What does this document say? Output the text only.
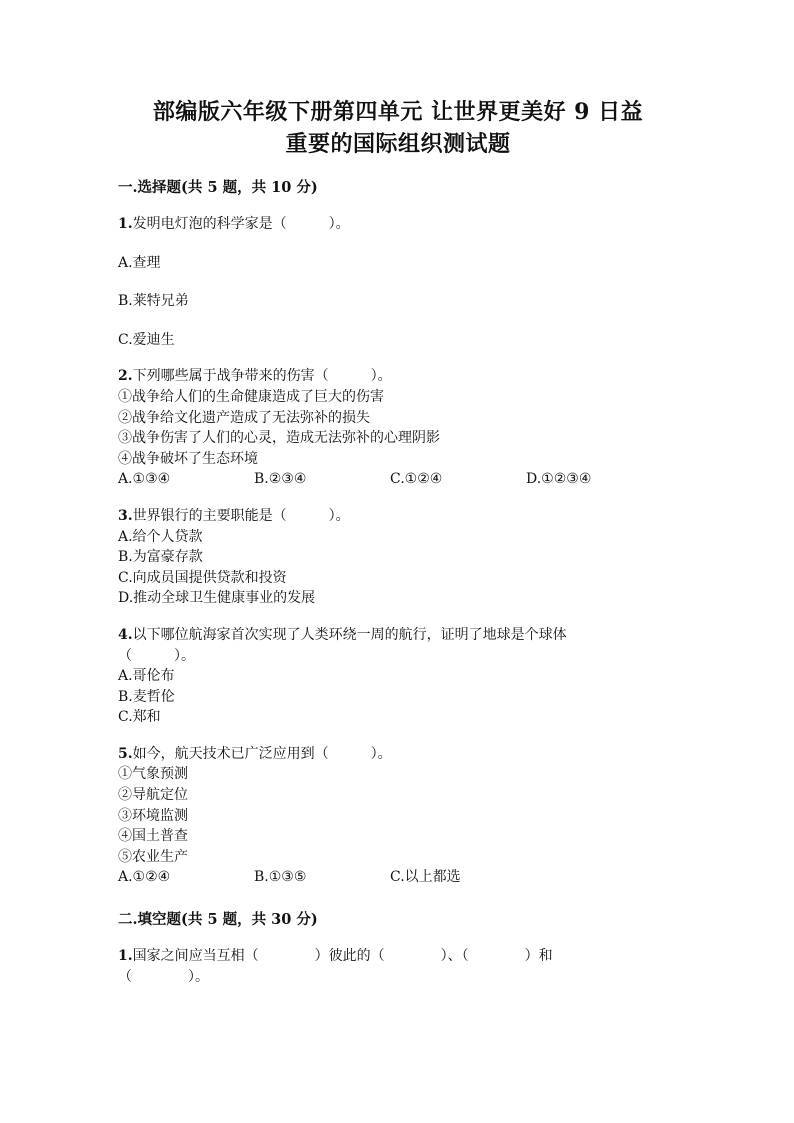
部编版六年级下册第四单元 让世界更美好 9 日益
重要的国际组织测试题
一.选择题(共 5 题，共 10 分)
1.发明电灯泡的科学家是（　　　）。
A.查理
B.莱特兄弟
C.爱迪生
2.下列哪些属于战争带来的伤害（　　　）。
①战争给人们的生命健康造成了巨大的伤害
②战争给文化遗产造成了无法弥补的损失
③战争伤害了人们的心灵，造成无法弥补的心理阴影
④战争破坏了生态环境
A.①③④	B.②③④	C.①②④	D.①②③④
3.世界银行的主要职能是（　　　）。
A.给个人贷款
B.为富豪存款
C.向成员国提供贷款和投资
D.推动全球卫生健康事业的发展
4.以下哪位航海家首次实现了人类环绕一周的航行，证明了地球是个球体
（　　　）。
A.哥伦布
B.麦哲伦
C.郑和
5.如今，航天技术已广泛应用到（　　　）。
①气象预测
②导航定位
③环境监测
④国土普查
⑤农业生产
A.①②④	B.①③⑤	C.以上都选
二.填空题(共 5 题，共 30 分)
1.国家之间应当互相（　　　　）彼此的（　　　　）、（　　　　）和
（　　　　）。
